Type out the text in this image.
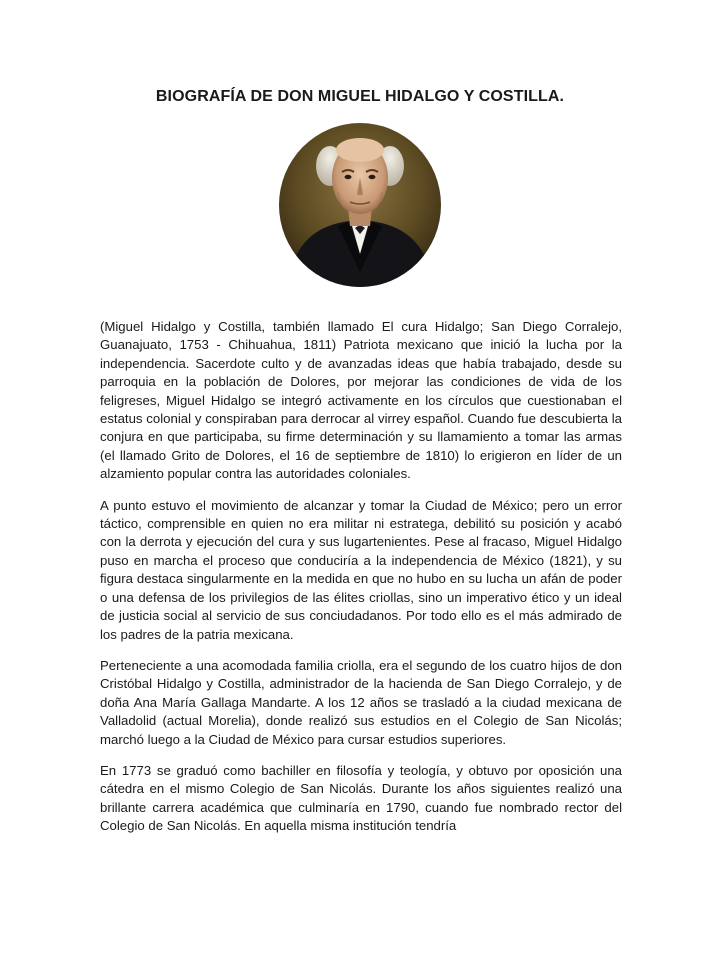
BIOGRAFÍA DE DON MIGUEL HIDALGO Y COSTILLA.

(Miguel Hidalgo y Costilla, también llamado El cura Hidalgo; San Diego Corralejo, Guanajuato, 1753 - Chihuahua, 1811) Patriota mexicano que inició la lucha por la independencia. Sacerdote culto y de avanzadas ideas que había trabajado, desde su parroquia en la población de Dolores, por mejorar las condiciones de vida de los feligreses, Miguel Hidalgo se integró activamente en los círculos que cuestionaban el estatus colonial y conspiraban para derrocar al virrey español. Cuando fue descubierta la conjura en que participaba, su firme determinación y su llamamiento a tomar las armas (el llamado Grito de Dolores, el 16 de septiembre de 1810) lo erigieron en líder de un alzamiento popular contra las autoridades coloniales.

A punto estuvo el movimiento de alcanzar y tomar la Ciudad de México; pero un error táctico, comprensible en quien no era militar ni estratega, debilitó su posición y acabó con la derrota y ejecución del cura y sus lugartenientes. Pese al fracaso, Miguel Hidalgo puso en marcha el proceso que conduciría a la independencia de México (1821), y su figura destaca singularmente en la medida en que no hubo en su lucha un afán de poder o una defensa de los privilegios de las élites criollas, sino un imperativo ético y un ideal de justicia social al servicio de sus conciudadanos. Por todo ello es el más admirado de los padres de la patria mexicana.

Perteneciente a una acomodada familia criolla, era el segundo de los cuatro hijos de don Cristóbal Hidalgo y Costilla, administrador de la hacienda de San Diego Corralejo, y de doña Ana María Gallaga Mandarte. A los 12 años se trasladó a la ciudad mexicana de Valladolid (actual Morelia), donde realizó sus estudios en el Colegio de San Nicolás; marchó luego a la Ciudad de México para cursar estudios superiores.

En 1773 se graduó como bachiller en filosofía y teología, y obtuvo por oposición una cátedra en el mismo Colegio de San Nicolás. Durante los años siguientes realizó una brillante carrera académica que culminaría en 1790, cuando fue nombrado rector del Colegio de San Nicolás. En aquella misma institución tendría
